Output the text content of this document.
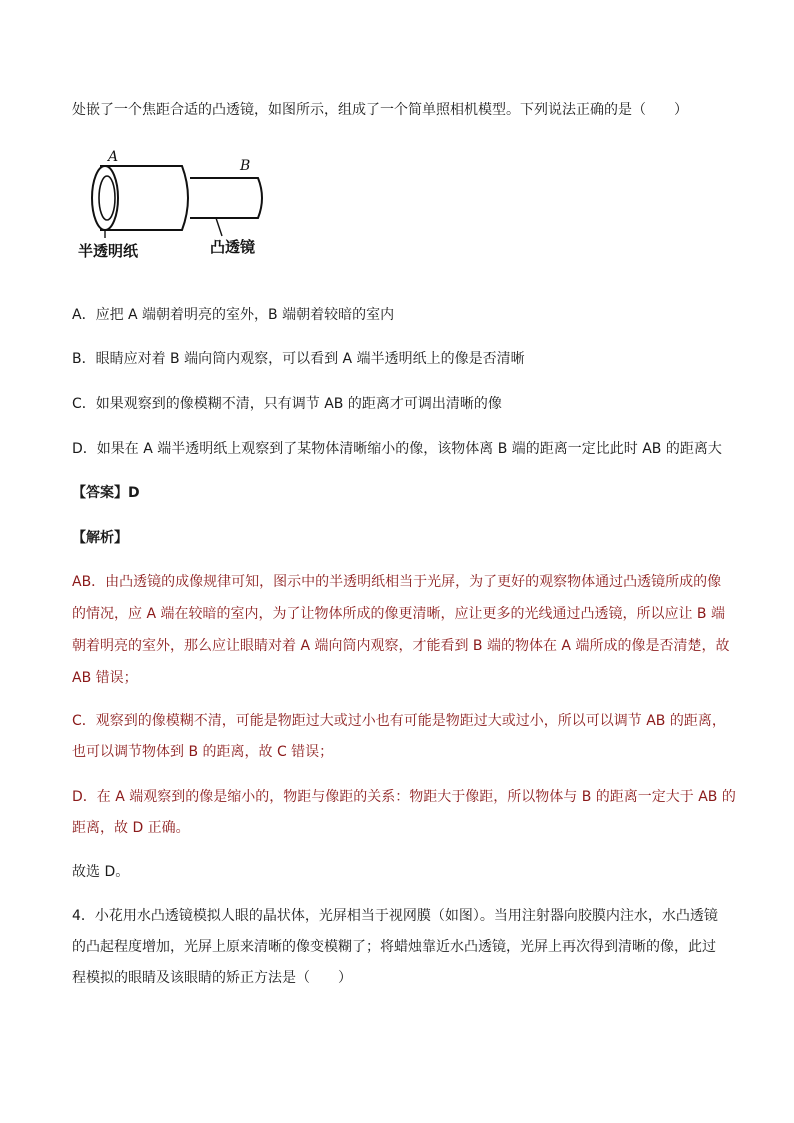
处嵌了一个焦距合适的凸透镜，如图所示，组成了一个简单照相机模型。下列说法正确的是（　　）
A
B
半透明纸	凸透镜
A．应把 A 端朝着明亮的室外，B 端朝着较暗的室内
B．眼睛应对着 B 端向筒内观察，可以看到 A 端半透明纸上的像是否清晰
C．如果观察到的像模糊不清，只有调节 AB 的距离才可调出清晰的像
D．如果在 A 端半透明纸上观察到了某物体清晰缩小的像，该物体离 B 端的距离一定比此时 AB 的距离大
【答案】D
【解析】
AB．由凸透镜的成像规律可知，图示中的半透明纸相当于光屏，为了更好的观察物体通过凸透镜所成的像
的情况，应 A 端在较暗的室内，为了让物体所成的像更清晰，应让更多的光线通过凸透镜，所以应让 B 端
朝着明亮的室外，那么应让眼睛对着 A 端向筒内观察，才能看到 B 端的物体在 A 端所成的像是否清楚，故
AB 错误；
C．观察到的像模糊不清，可能是物距过大或过小也有可能是物距过大或过小，所以可以调节 AB 的距离，
也可以调节物体到 B 的距离，故 C 错误；
D．在 A 端观察到的像是缩小的，物距与像距的关系：物距大于像距，所以物体与 B 的距离一定大于 AB 的
距离，故 D 正确。
故选 D。
4．小花用水凸透镜模拟人眼的晶状体，光屏相当于视网膜（如图）。当用注射器向胶膜内注水，水凸透镜
的凸起程度增加，光屏上原来清晰的像变模糊了；将蜡烛靠近水凸透镜，光屏上再次得到清晰的像，此过
程模拟的眼睛及该眼睛的矫正方法是（　　）
